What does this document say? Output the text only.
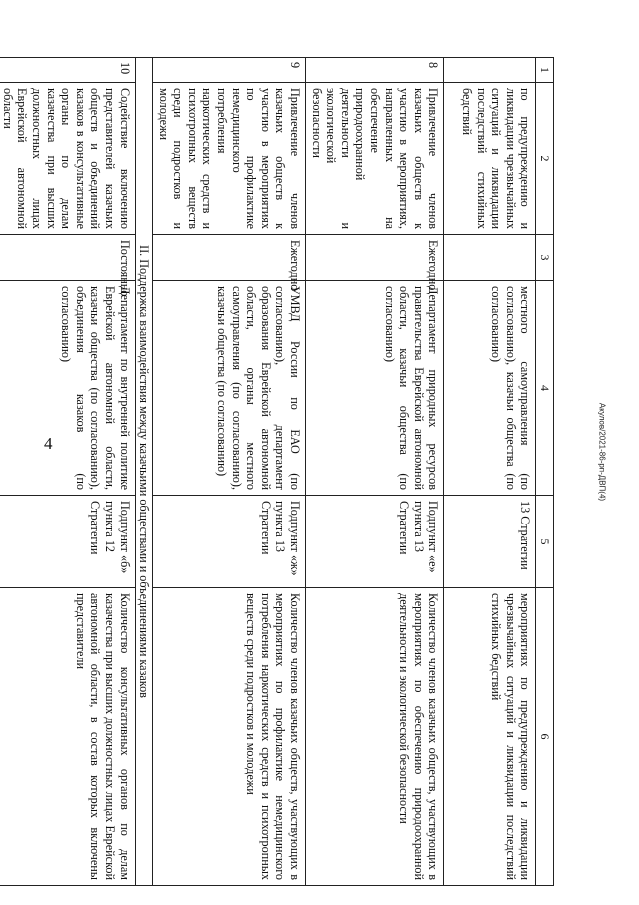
4	Акулов/2021-86-рп-ДВП(4)
1	2	3	4	5	6
	по предупреждению и ликвидации чрезвычайных ситуаций и ликвидации последствий стихийных бедствий		местного самоуправления (по согласованию), казачьи общества (по согласованию)	13 Стратегии	мероприятиях по предупреждению и ликвидации чрезвычайных ситуаций и ликвидации последствий стихийных бедствий
8	Привлечение членов казачьих обществ к участию в мероприятиях, направленных на обеспечение природоохранной деятельности и экологической безопасности	Ежегодно	Департамент природных ресурсов правительства Еврейской автономной области, казачьи общества (по согласованию)	Подпункт «е» пункта 13 Стратегии	Количество членов казачьих обществ, участвующих в мероприятиях по обеспечению природоохранной деятельности и экологической безопасности
9	Привлечение членов казачьих обществ к участию в мероприятиях по профилактике немедицинского потребления наркотических средств и психотропных веществ среди подростков и молодежи	Ежегодно	УМВД России по ЕАО (по согласованию), департамент образования Еврейской автономной области, органы местного самоуправления (по согласованию), казачьи общества (по согласованию)	Подпункт «ж» пункта 13 Стратегии	Количество членов казачьих обществ, участвующих в мероприятиях по профилактике немедицинского потребления наркотических средств и психотропных веществ среди подростков и молодежи
II. Поддержка взаимодействия между казачьими обществами и объединениями казаков					
10	Содействие включению представителей казачьих обществ и объединений казаков в консультативные органы по делам казачества при высших должностных лицах Еврейской автономной области	Постоянно	Департамент по внутренней политике Еврейской автономной области, казачьи общества (по согласованию), объединения казаков (по согласованию)	Подпункт «б» пункта 12 Стратегии	Количество консультативных органов по делам казачества при высших должностных лицах Еврейской автономной области, в состав которых включены представители
